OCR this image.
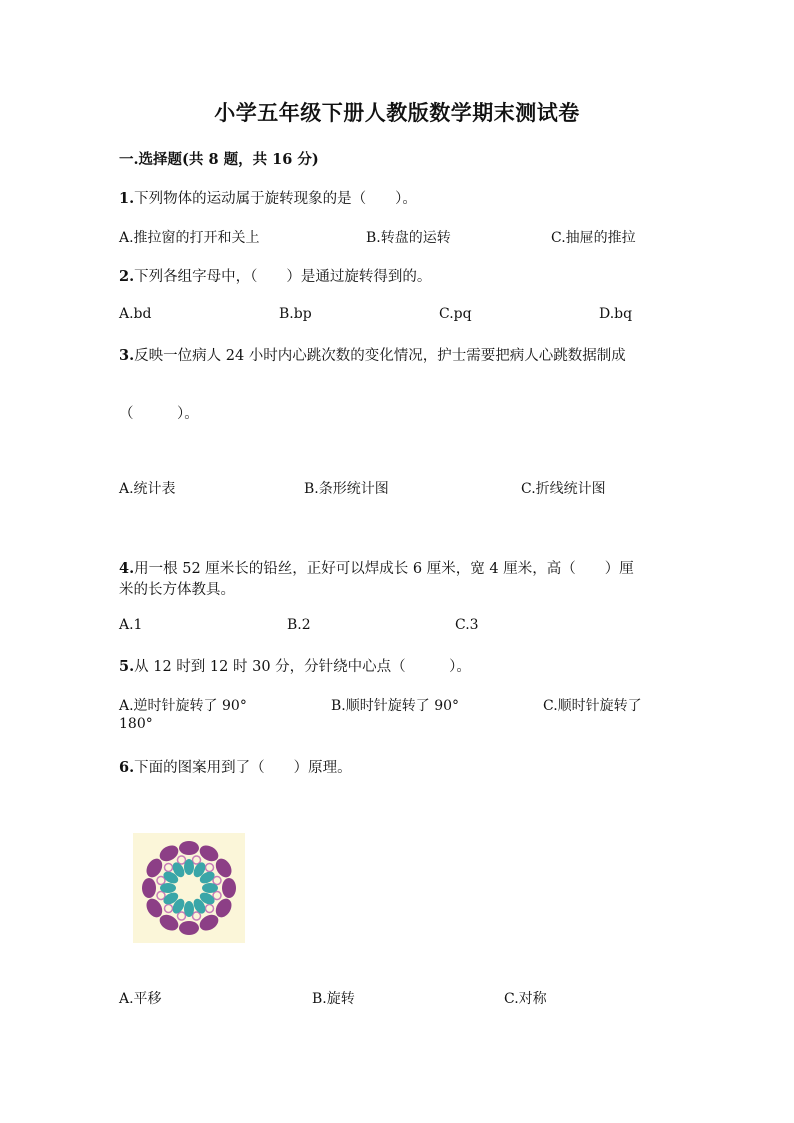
小学五年级下册人教版数学期末测试卷
一.选择题(共 8 题，共 16 分)
1.下列物体的运动属于旋转现象的是（　　）。
A.推拉窗的打开和关上	B.转盘的运转	C.抽屉的推拉
2.下列各组字母中，（　　）是通过旋转得到的。
A.bd	B.bp	C.pq	D.bq
3.反映一位病人 24 小时内心跳次数的变化情况，护士需要把病人心跳数据制成
（　　　）。
A.统计表	B.条形统计图	C.折线统计图
4.用一根 52 厘米长的铅丝，正好可以焊成长 6 厘米，宽 4 厘米，高（　　）厘
米的长方体教具。
A.1	B.2	C.3
5.从 12 时到 12 时 30 分，分针绕中心点（　　　）。
A.逆时针旋转了 90°	B.顺时针旋转了 90°	C.顺时针旋转了
180°
6.下面的图案用到了（　　）原理。
A.平移	B.旋转	C.对称
